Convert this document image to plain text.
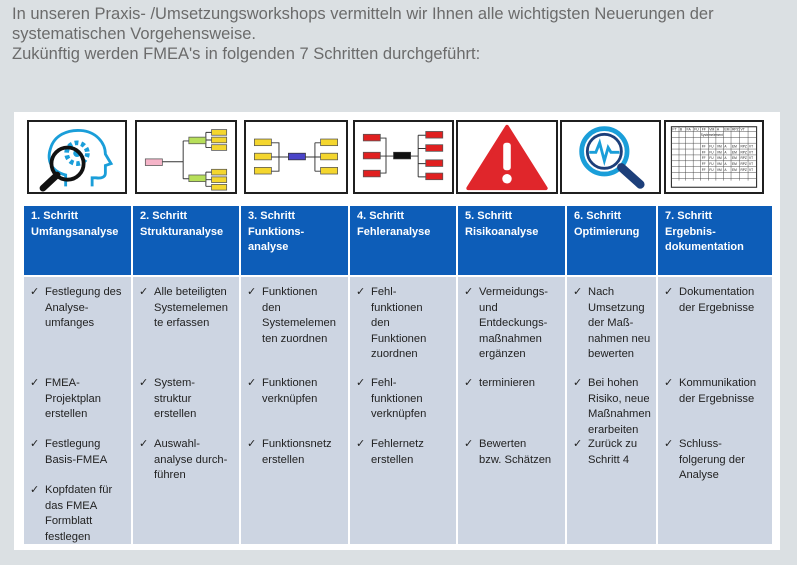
In unseren Praxis- /Umsetzungsworkshops vermitteln wir Ihnen alle wichtigsten Neuerungen der
systematischen Vorgehensweise.
Zukünftig werden FMEA's in folgenden 7 Schritten durchgeführt:
FT B FA FU FF VM A EM RPZ VT
Systemelement
FF FU VM A EM RPZ VT
FF FU VM A EM RPZ VT
FF FU VM A EM RPZ VT
FF FU VM A EM RPZ VT
FF FU VM A EM RPZ VT
1. Schritt
Umfangsanalyse
✓ Festlegung des
Analyse-
umfanges
✓ FMEA-
Projektplan
erstellen
✓ Festlegung
Basis-FMEA
✓ Kopfdaten für
das FMEA
Formblatt
festlegen
2. Schritt
Strukturanalyse
✓ Alle beteiligten
Systemelemen
te erfassen
✓ System-
struktur
erstellen
✓ Auswahl-
analyse durch-
führen
3. Schritt
Funktions-
analyse
✓ Funktionen
den
Systemelemen
ten zuordnen
✓ Funktionen
verknüpfen
✓ Funktionsnetz
erstellen
4. Schritt
Fehleranalyse
✓ Fehl-
funktionen
den
Funktionen
zuordnen
✓ Fehl-
funktionen
verknüpfen
✓ Fehlernetz
erstellen
5. Schritt
Risikoanalyse
✓ Vermeidungs-
und
Entdeckungs-
maßnahmen
ergänzen
✓ terminieren
✓ Bewerten
bzw. Schätzen
6. Schritt
Optimierung
✓ Nach
Umsetzung
der Maß-
nahmen neu
bewerten
✓ Bei hohen
Risiko, neue
Maßnahmen
erarbeiten
✓ Zurück zu
Schritt 4
7. Schritt
Ergebnis-
dokumentation
✓ Dokumentation
der Ergebnisse
✓ Kommunikation
der Ergebnisse
✓ Schluss-
folgerung der
Analyse
